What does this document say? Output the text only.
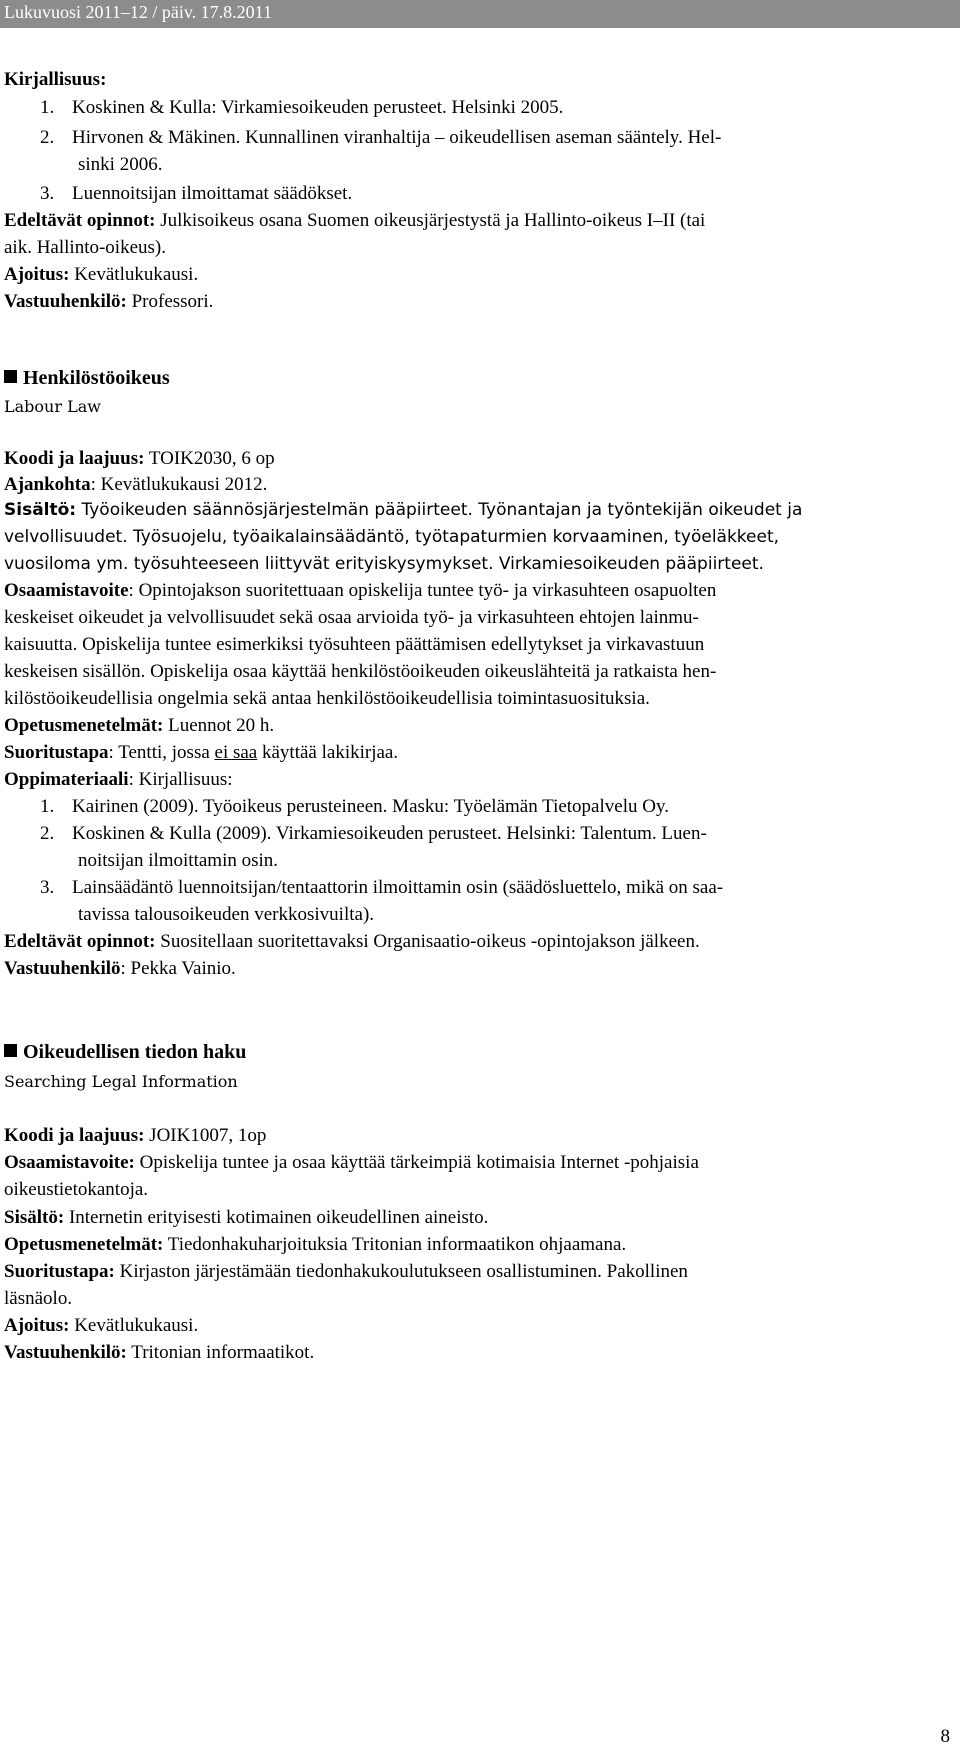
Lukuvuosi 2011–12 / päiv. 17.8.2011
Kirjallisuus:
1. Koskinen & Kulla: Virkamiesoikeuden perusteet. Helsinki 2005.
2. Hirvonen & Mäkinen. Kunnallinen viranhaltija – oikeudellisen aseman sääntely. Hel-
sinki 2006.
3. Luennoitsijan ilmoittamat säädökset.
Edeltävät opinnot: Julkisoikeus osana Suomen oikeusjärjestystä ja Hallinto-oikeus I–II (tai
aik. Hallinto-oikeus).
Ajoitus: Kevätlukukausi.
Vastuuhenkilö: Professori.
Henkilöstöoikeus
Labour Law
Koodi ja laajuus: TOIK2030, 6 op
Ajankohta: Kevätlukukausi 2012.
Sisältö: Työoikeuden säännösjärjestelmän pääpiirteet. Työnantajan ja työntekijän oikeudet ja
velvollisuudet. Työsuojelu, työaikalainsäädäntö, työtapaturmien korvaaminen, työeläkkeet,
vuosiloma ym. työsuhteeseen liittyvät erityiskysymykset. Virkamiesoikeuden pääpiirteet.
Osaamistavoite: Opintojakson suoritettuaan opiskelija tuntee työ- ja virkasuhteen osapuolten
keskeiset oikeudet ja velvollisuudet sekä osaa arvioida työ- ja virkasuhteen ehtojen lainmu-
kaisuutta. Opiskelija tuntee esimerkiksi työsuhteen päättämisen edellytykset ja virkavastuun
keskeisen sisällön. Opiskelija osaa käyttää henkilöstöoikeuden oikeuslähteitä ja ratkaista hen-
kilöstöoikeudellisia ongelmia sekä antaa henkilöstöoikeudellisia toimintasuosituksia.
Opetusmenetelmät: Luennot 20 h.
Suoritustapa: Tentti, jossa ei saa käyttää lakikirjaa.
Oppimateriaali: Kirjallisuus:
1. Kairinen (2009). Työoikeus perusteineen. Masku: Työelämän Tietopalvelu Oy.
2. Koskinen & Kulla (2009). Virkamiesoikeuden perusteet. Helsinki: Talentum. Luen-
noitsijan ilmoittamin osin.
3. Lainsäädäntö luennoitsijan/tentaattorin ilmoittamin osin (säädösluettelo, mikä on saa-
tavissa talousoikeuden verkkosivuilta).
Edeltävät opinnot: Suositellaan suoritettavaksi Organisaatio-oikeus -opintojakson jälkeen.
Vastuuhenkilö: Pekka Vainio.
Oikeudellisen tiedon haku
Searching Legal Information
Koodi ja laajuus: JOIK1007, 1op
Osaamistavoite: Opiskelija tuntee ja osaa käyttää tärkeimpiä kotimaisia Internet -pohjaisia
oikeustietokantoja.
Sisältö: Internetin erityisesti kotimainen oikeudellinen aineisto.
Opetusmenetelmät: Tiedonhakuharjoituksia Tritonian informaatikon ohjaamana.
Suoritustapa: Kirjaston järjestämään tiedonhakukoulutukseen osallistuminen. Pakollinen
läsnäolo.
Ajoitus: Kevätlukukausi.
Vastuuhenkilö: Tritonian informaatikot.
8
